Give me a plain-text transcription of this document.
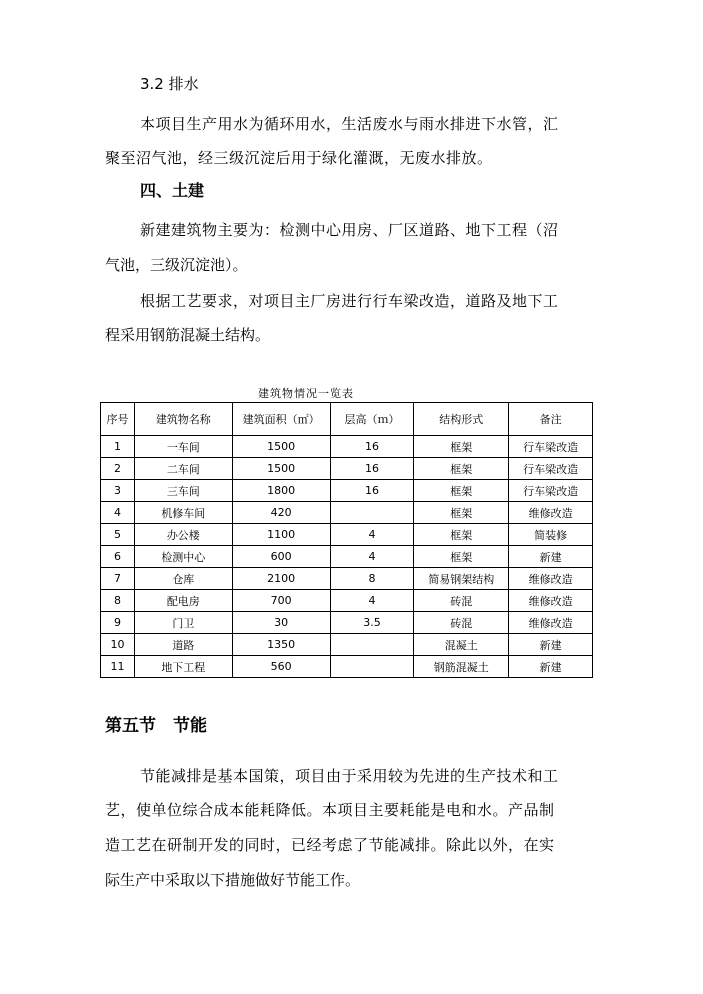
3.2 排水
本项目生产用水为循环用水，生活废水与雨水排进下水管，汇
聚至沼气池，经三级沉淀后用于绿化灌溉，无废水排放。
四、土建
新建建筑物主要为：检测中心用房、厂区道路、地下工程（沼
气池，三级沉淀池）。
根据工艺要求，对项目主厂房进行行车梁改造，道路及地下工
程采用钢筋混凝土结构。
建筑物情况一览表
序号	建筑物名称	建筑面积（㎡）	层高（ｍ）	结构形式	备注
1	一车间	1500	16	框架	行车梁改造
2	二车间	1500	16	框架	行车梁改造
3	三车间	1800	16	框架	行车梁改造
4	机修车间	420		框架	维修改造
5	办公楼	1100	4	框架	简装修
6	检测中心	600	4	框架	新建
7	仓库	2100	8	简易钢架结构	维修改造
8	配电房	700	4	砖混	维修改造
9	门卫	30	3.5	砖混	维修改造
10	道路	1350		混凝土	新建
11	地下工程	560		钢筋混凝土	新建
第五节　节能
节能减排是基本国策，项目由于采用较为先进的生产技术和工
艺，使单位综合成本能耗降低。本项目主要耗能是电和水。产品制
造工艺在研制开发的同时，已经考虑了节能减排。除此以外，在实
际生产中采取以下措施做好节能工作。
